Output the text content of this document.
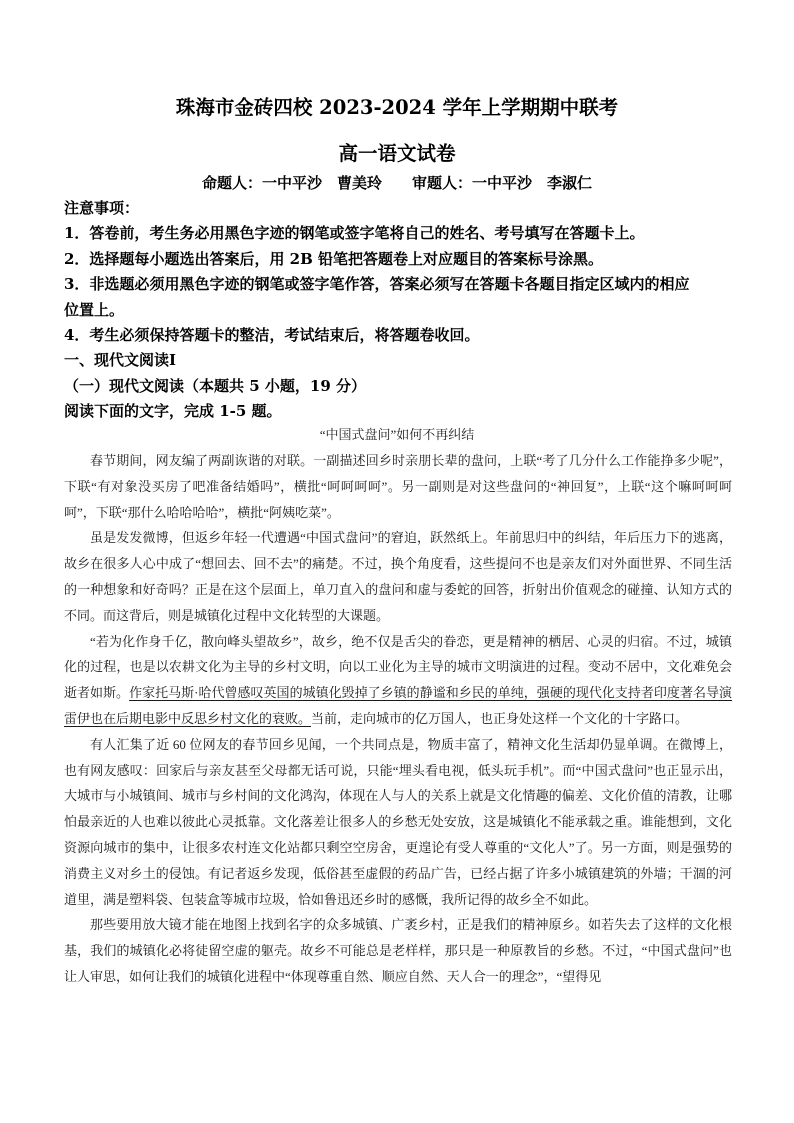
珠海市金砖四校 2023-2024 学年上学期期中联考
高一语文试卷
命题人：一中平沙　曹美玲　　审题人：一中平沙　李淑仁
注意事项：
1．答卷前，考生务必用黑色字迹的钢笔或签字笔将自己的姓名、考号填写在答题卡上。
2．选择题每小题选出答案后，用 2B 铅笔把答题卷上对应题目的答案标号涂黑。
3．非选题必须用黑色字迹的钢笔或签字笔作答，答案必须写在答题卡各题目指定区域内的相应
位置上。
4．考生必须保持答题卡的整洁，考试结束后，将答题卷收回。
一、现代文阅读Ⅰ
（一）现代文阅读（本题共 5 小题，19 分）
阅读下面的文字，完成 1-5 题。
“中国式盘问”如何不再纠结

春节期间，网友编了两副诙谐的对联。一副描述回乡时亲朋长辈的盘问，上联“考了几分什么工作能挣多少呢”，下联“有对象没买房了吧准备结婚吗”，横批“呵呵呵呵”。另一副则是对这些盘问的“神回复”，上联“这个嘛呵呵呵呵”，下联“那什么哈哈哈哈”，横批“阿姨吃菜”。

虽是发发微博，但返乡年轻一代遭遇“中国式盘问”的窘迫，跃然纸上。年前思归中的纠结，年后压力下的逃离，故乡在很多人心中成了“想回去、回不去”的痛楚。不过，换个角度看，这些提问不也是亲友们对外面世界、不同生活的一种想象和好奇吗？正是在这个层面上，单刀直入的盘问和虚与委蛇的回答，折射出价值观念的碰撞、认知方式的不同。而这背后，则是城镇化过程中文化转型的大课题。

“若为化作身千亿，散向峰头望故乡”，故乡，绝不仅是舌尖的眷恋，更是精神的栖居、心灵的归宿。不过，城镇化的过程，也是以农耕文化为主导的乡村文明，向以工业化为主导的城市文明演进的过程。变动不居中，文化难免会逝者如斯。作家托马斯·哈代曾感叹英国的城镇化毁掉了乡镇的静谧和乡民的单纯，强硬的现代化支持者印度著名导演雷伊也在后期电影中反思乡村文化的衰败。当前，走向城市的亿万国人，也正身处这样一个文化的十字路口。

有人汇集了近 60 位网友的春节回乡见闻，一个共同点是，物质丰富了，精神文化生活却仍显单调。在微博上，也有网友感叹：回家后与亲友甚至父母都无话可说，只能“埋头看电视，低头玩手机”。而“中国式盘问”也正显示出，大城市与小城镇间、城市与乡村间的文化鸿沟，体现在人与人的关系上就是文化情趣的偏差、文化价值的清教，让哪怕最亲近的人也难以彼此心灵抵靠。文化落差让很多人的乡愁无处安放，这是城镇化不能承载之重。谁能想到，文化资源向城市的集中，让很多农村连文化站都只剩空空房舍，更遑论有受人尊重的“文化人”了。另一方面，则是强势的消费主义对乡土的侵蚀。有记者返乡发现，低俗甚至虚假的药品广告，已经占据了许多小城镇建筑的外墙；干涸的河道里，满是塑料袋、包装盒等城市垃圾，恰如鲁迅还乡时的感慨，我所记得的故乡全不如此。

那些要用放大镜才能在地图上找到名字的众多城镇、广袤乡村，正是我们的精神原乡。如若失去了这样的文化根基，我们的城镇化必将徒留空虚的躯壳。故乡不可能总是老样样，那只是一种原教旨的乡愁。不过，“中国式盘问”也让人审思，如何让我们的城镇化进程中“体现尊重自然、顺应自然、天人合一的理念”，“望得见
